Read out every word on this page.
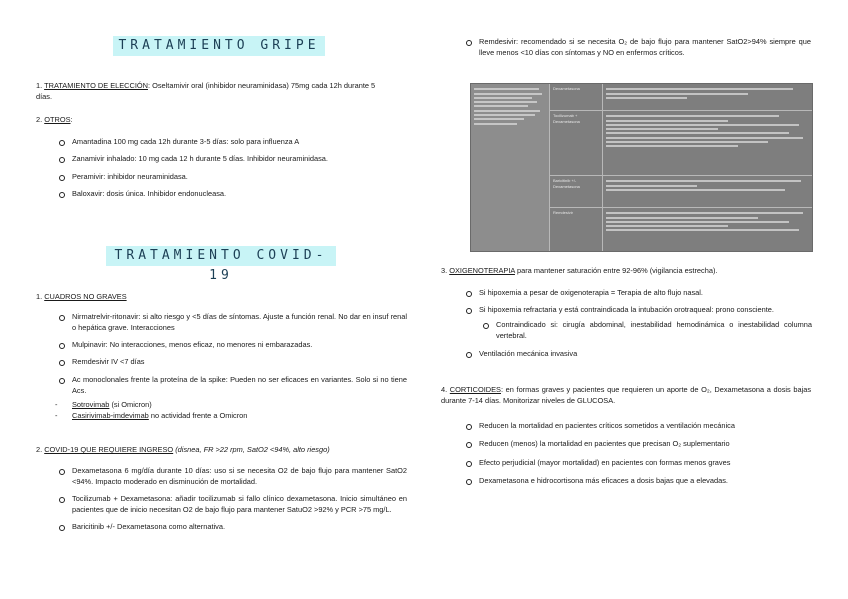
TRATAMIENTO GRIPE
1. TRATAMIENTO DE ELECCIÓN: Oseltamivir oral (inhibidor neuraminidasa) 75mg cada 12h durante 5 días.
2. OTROS:
Amantadina 100 mg cada 12h durante 3-5 días: solo para influenza A
Zanamivir inhalado: 10 mg cada 12 h durante 5 días. Inhibidor neuraminidasa.
Peramivir: inhibidor neuraminidasa.
Baloxavir: dosis única. Inhibidor endonucleasa.
TRATAMIENTO COVID-19
1. CUADROS NO GRAVES

Nirmatrelvir-ritonavir: si alto riesgo y <5 días de síntomas. Ajuste a función renal. No dar en insuf renal o hepática grave. Interacciones

Mulpinavir: No interacciones, menos eficaz, no menores ni embarazadas.
Remdesivir IV <7 días

Ac monoclonales frente la proteína de la spike: Pueden no ser eficaces en variantes. Solo si no tiene Acs.

- Sotrovimab (si Omicron)
- Casirivimab-imdevimab no actividad frente a Omicron
2. COVID-19 QUE REQUIERE INGRESO (disnea, FR >22 rpm, SatO2 <94%, alto riesgo)

Dexametasona 6 mg/día durante 10 días: uso si se necesita O2 de bajo flujo para mantener SatO2 <94%. Impacto moderado en disminución de mortalidad.

Tocilizumab + Dexametasona: añadir tocilizumab si fallo clínico dexametasona. Inicio simultáneo en pacientes que de inicio necesitan O2 de bajo flujo para mantener SatuO2 >92% y PCR >75 mg/L.

Baricitinib +/- Dexametasona como alternativa.

Remdesivir: recomendado si se necesita O₂ de bajo flujo para mantener SatO2>94% siempre que lleve menos <10 días con síntomas y NO en enfermos críticos.

Dexametasona
Tocilizumab + Dexametasona
Baricitinib +/- Dexametasona
Remdesivir
3. OXIGENOTERAPIA para mantener saturación entre 92-96% (vigilancia estrecha).
Si hipoxemia a pesar de oxigenoterapia = Terapia de alto flujo nasal.

Si hipoxemia refractaria y está contraindicada la intubación orotraqueal: prono consciente.

Contraindicado si: cirugía abdominal, inestabilidad hemodinámica o inestabilidad columna vertebral.

Ventilación mecánica invasiva

4. CORTICOIDES: en formas graves y pacientes que requieren un aporte de O₂, Dexametasona a dosis bajas durante 7-14 días. Monitorizar niveles de GLUCOSA.

Reducen la mortalidad en pacientes críticos sometidos a ventilación mecánica
Reducen (menos) la mortalidad en pacientes que precisan O₂ suplementario
Efecto perjudicial (mayor mortalidad) en pacientes con formas menos graves
Dexametasona e hidrocortisona más eficaces a dosis bajas que a elevadas.
